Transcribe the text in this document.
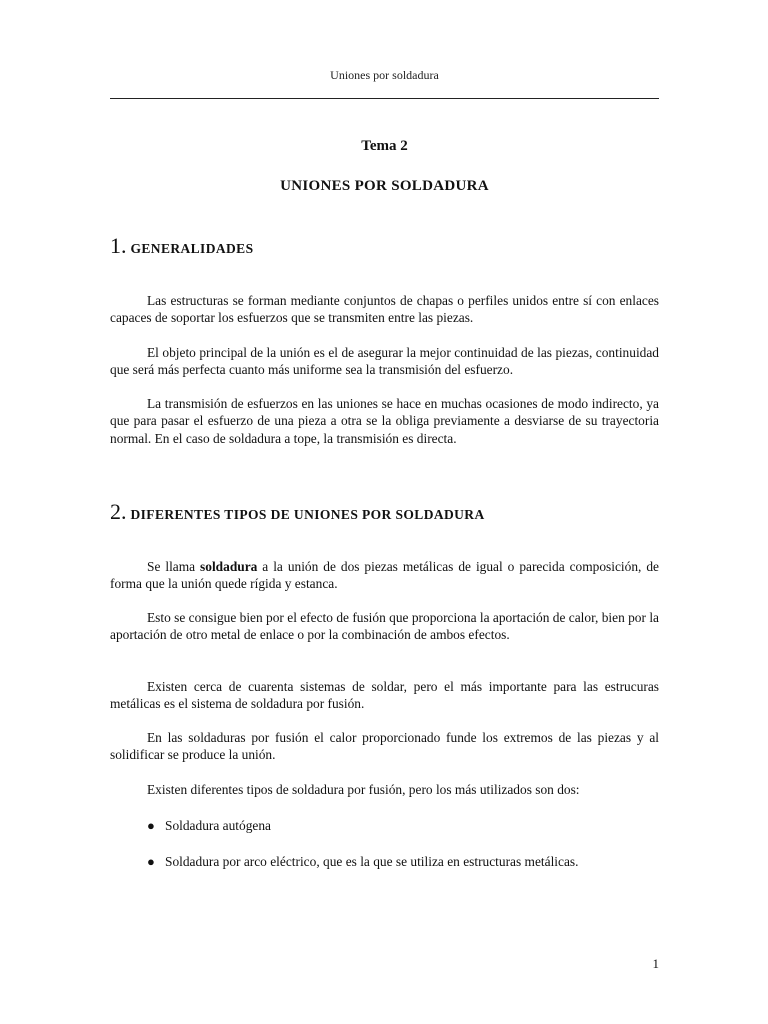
Uniones por soldadura
Tema 2
UNIONES POR SOLDADURA
1. GENERALIDADES

Las estructuras se forman mediante conjuntos de chapas o perfiles unidos entre sí con enlaces capaces de soportar los esfuerzos que se transmiten entre las piezas.

El objeto principal de la unión es el de asegurar la mejor continuidad de las piezas, continuidad que será más perfecta cuanto más uniforme sea la transmisión del esfuerzo.

La transmisión de esfuerzos en las uniones se hace en muchas ocasiones de modo indirecto, ya que para pasar el esfuerzo de una pieza a otra se la obliga previamente a desviarse de su trayectoria normal. En el caso de soldadura a tope, la transmisión es directa.

2. DIFERENTES TIPOS DE UNIONES POR SOLDADURA

Se llama soldadura a la unión de dos piezas metálicas de igual o parecida composición, de forma que la unión quede rígida y estanca.

Esto se consigue bien por el efecto de fusión que proporciona la aportación de calor, bien por la aportación de otro metal de enlace o por la combinación de ambos efectos.

Existen cerca de cuarenta sistemas de soldar, pero el más importante para las estrucuras metálicas es el sistema de soldadura por fusión.

En las soldaduras por fusión el calor proporcionado funde los extremos de las piezas y al solidificar se produce la unión.

Existen diferentes tipos de soldadura por fusión, pero los más utilizados son dos:

● Soldadura autógena
● Soldadura por arco eléctrico, que es la que se utiliza en estructuras metálicas.
1
